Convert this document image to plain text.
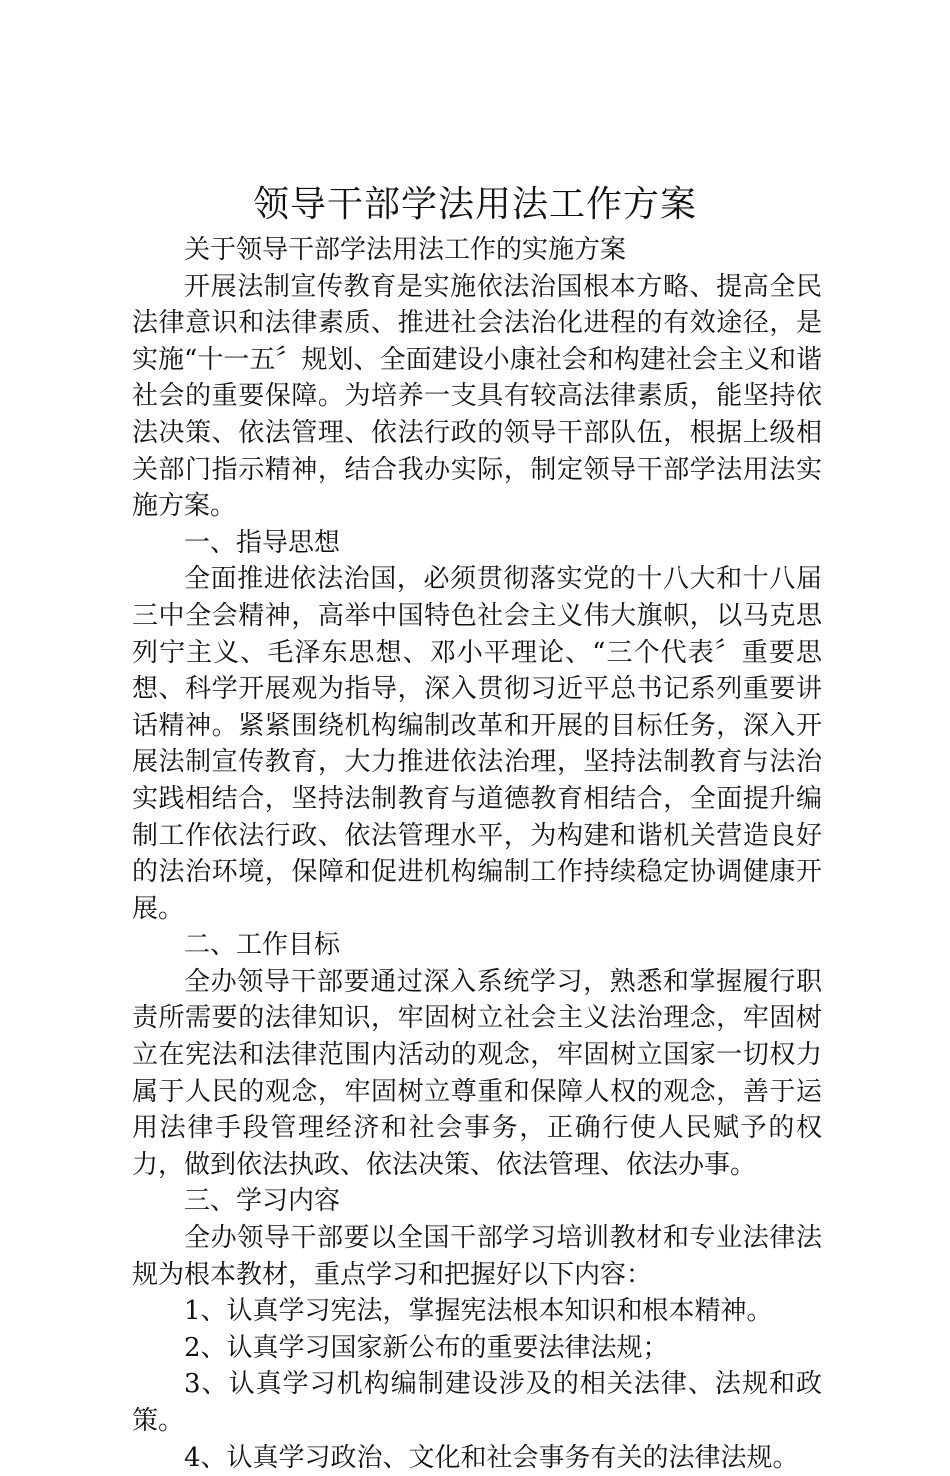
领导干部学法用法工作方案

关于领导干部学法用法工作的实施方案

开展法制宣传教育是实施依法治国根本方略、提高全民法律意识和法律素质、推进社会法治化进程的有效途径，是实施“十一五〞规划、全面建设小康社会和构建社会主义和谐社会的重要保障。为培养一支具有较高法律素质，能坚持依法决策、依法管理、依法行政的领导干部队伍，根据上级相关部门指示精神，结合我办实际，制定领导干部学法用法实施方案。

一、指导思想

全面推进依法治国，必须贯彻落实党的十八大和十八届三中全会精神，高举中国特色社会主义伟大旗帜，以马克思列宁主义、毛泽东思想、邓小平理论、“三个代表〞重要思想、科学开展观为指导，深入贯彻习近平总书记系列重要讲话精神。紧紧围绕机构编制改革和开展的目标任务，深入开展法制宣传教育，大力推进依法治理，坚持法制教育与法治实践相结合，坚持法制教育与道德教育相结合，全面提升编制工作依法行政、依法管理水平，为构建和谐机关营造良好的法治环境，保障和促进机构编制工作持续稳定协调健康开展。

二、工作目标

全办领导干部要通过深入系统学习，熟悉和掌握履行职责所需要的法律知识，牢固树立社会主义法治理念，牢固树立在宪法和法律范围内活动的观念，牢固树立国家一切权力属于人民的观念，牢固树立尊重和保障人权的观念，善于运用法律手段管理经济和社会事务，正确行使人民赋予的权力，做到依法执政、依法决策、依法管理、依法办事。

三、学习内容

全办领导干部要以全国干部学习培训教材和专业法律法规为根本教材，重点学习和把握好以下内容：

1、认真学习宪法，掌握宪法根本知识和根本精神。

2、认真学习国家新公布的重要法律法规；

3、认真学习机构编制建设涉及的相关法律、法规和政策。

4、认真学习政治、文化和社会事务有关的法律法规。
